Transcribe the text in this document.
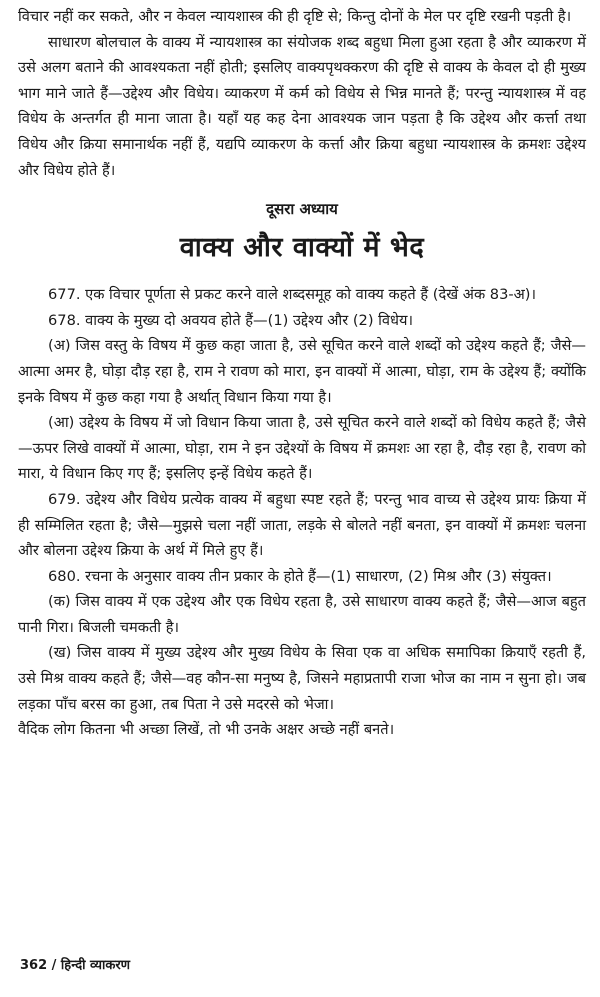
विचार नहीं कर सकते, और न केवल न्यायशास्त्र की ही दृष्टि से; किन्तु दोनों के मेल पर दृष्टि रखनी पड़ती है।

साधारण बोलचाल के वाक्य में न्यायशास्त्र का संयोजक शब्द बहुधा मिला हुआ रहता है और व्याकरण में उसे अलग बताने की आवश्यकता नहीं होती; इसलिए वाक्यपृथक्करण की दृष्टि से वाक्य के केवल दो ही मुख्य भाग माने जाते हैं—उद्देश्य और विधेय। व्याकरण में कर्म को विधेय से भिन्न मानते हैं; परन्तु न्यायशास्त्र में वह विधेय के अन्तर्गत ही माना जाता है। यहाँ यह कह देना आवश्यक जान पड़ता है कि उद्देश्य और कर्त्ता तथा विधेय और क्रिया समानार्थक नहीं हैं, यद्यपि व्याकरण के कर्त्ता और क्रिया बहुधा न्यायशास्त्र के क्रमशः उद्देश्य और विधेय होते हैं।

दूसरा अध्याय
वाक्य और वाक्यों में भेद

677. एक विचार पूर्णता से प्रकट करने वाले शब्दसमूह को वाक्य कहते हैं (देखें अंक 83-अ)।

678. वाक्य के मुख्य दो अवयव होते हैं—(1) उद्देश्य और (2) विधेय।

(अ) जिस वस्तु के विषय में कुछ कहा जाता है, उसे सूचित करने वाले शब्दों को उद्देश्य कहते हैं; जैसे—आत्मा अमर है, घोड़ा दौड़ रहा है, राम ने रावण को मारा, इन वाक्यों में आत्मा, घोड़ा, राम के उद्देश्य हैं; क्योंकि इनके विषय में कुछ कहा गया है अर्थात् विधान किया गया है।

(आ) उद्देश्य के विषय में जो विधान किया जाता है, उसे सूचित करने वाले शब्दों को विधेय कहते हैं; जैसे—ऊपर लिखे वाक्यों में आत्मा, घोड़ा, राम ने इन उद्देश्यों के विषय में क्रमशः आ रहा है, दौड़ रहा है, रावण को मारा, ये विधान किए गए हैं; इसलिए इन्हें विधेय कहते हैं।

679. उद्देश्य और विधेय प्रत्येक वाक्य में बहुधा स्पष्ट रहते हैं; परन्तु भाव वाच्य से उद्देश्य प्रायः क्रिया में ही सम्मिलित रहता है; जैसे—मुझसे चला नहीं जाता, लड़के से बोलते नहीं बनता, इन वाक्यों में क्रमशः चलना और बोलना उद्देश्य क्रिया के अर्थ में मिले हुए हैं।

680. रचना के अनुसार वाक्य तीन प्रकार के होते हैं—(1) साधारण, (2) मिश्र और (3) संयुक्त।

(क) जिस वाक्य में एक उद्देश्य और एक विधेय रहता है, उसे साधारण वाक्य कहते हैं; जैसे—आज बहुत पानी गिरा। बिजली चमकती है।

(ख) जिस वाक्य में मुख्य उद्देश्य और मुख्य विधेय के सिवा एक वा अधिक समापिका क्रियाएँ रहती हैं, उसे मिश्र वाक्य कहते हैं; जैसे—वह कौन-सा मनुष्य है, जिसने महाप्रतापी राजा भोज का नाम न सुना हो। जब लड़का पाँच बरस का हुआ, तब पिता ने उसे मदरसे को भेजा।

वैदिक लोग कितना भी अच्छा लिखें, तो भी उनके अक्षर अच्छे नहीं बनते।

362 / हिन्दी व्याकरण
